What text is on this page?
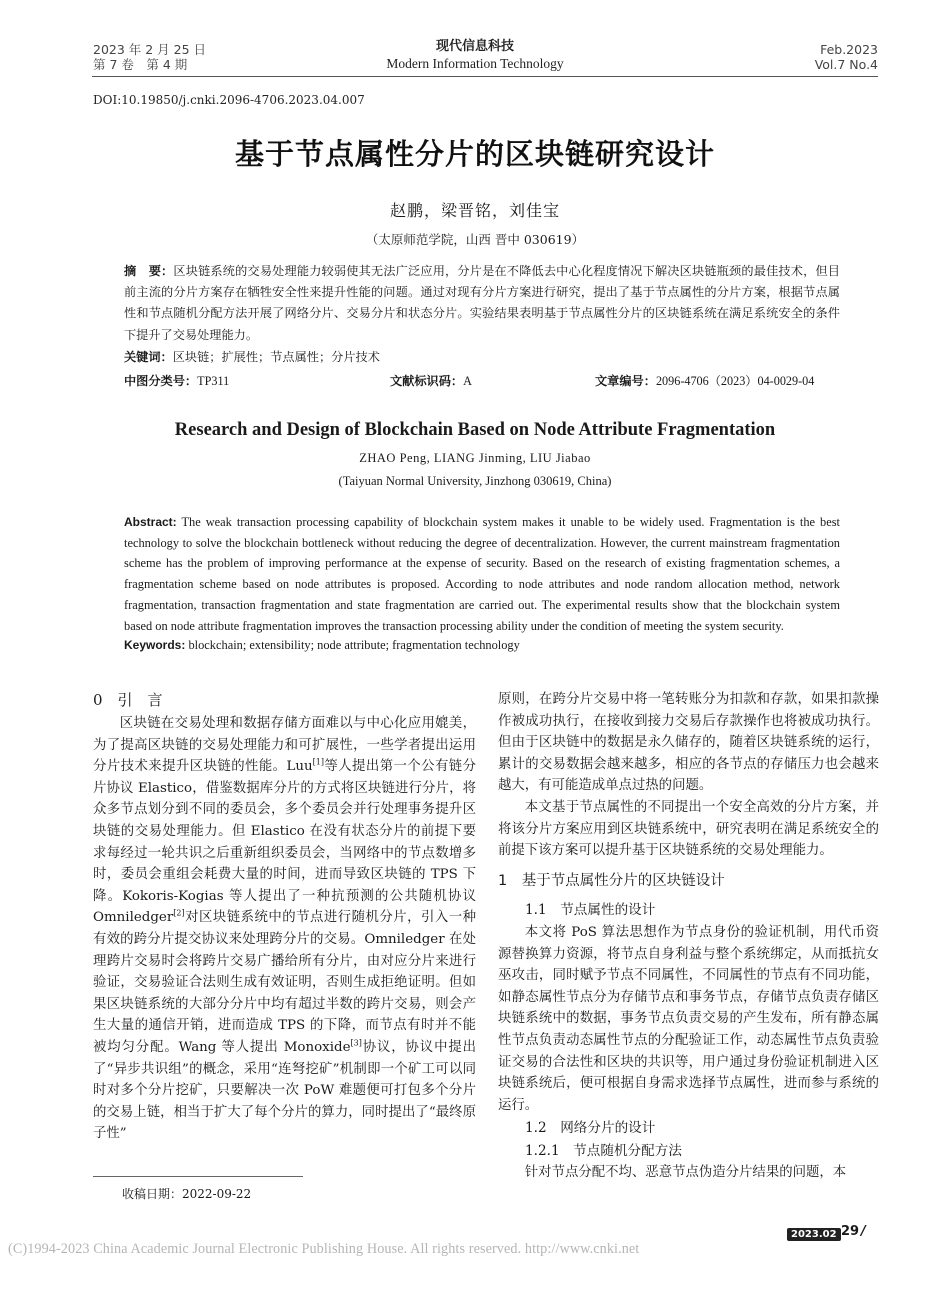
2023 年 2 月 25 日
第 7 卷　第 4 期
现代信息科技
Modern Information Technology
Feb.2023
Vol.7 No.4
DOI:10.19850/j.cnki.2096-4706.2023.04.007
基于节点属性分片的区块链研究设计
赵鹏，梁晋铭，刘佳宝
（太原师范学院，山西 晋中 030619）
摘　要：区块链系统的交易处理能力较弱使其无法广泛应用，分片是在不降低去中心化程度情况下解决区块链瓶颈的最佳技术，但目前主流的分片方案存在牺牲安全性来提升性能的问题。通过对现有分片方案进行研究，提出了基于节点属性的分片方案，根据节点属性和节点随机分配方法开展了网络分片、交易分片和状态分片。实验结果表明基于节点属性分片的区块链系统在满足系统安全的条件下提升了交易处理能力。
关键词：区块链；扩展性；节点属性；分片技术
中图分类号：TP311	文献标识码：A	文章编号：2096-4706（2023）04-0029-04
Research and Design of Blockchain Based on Node Attribute Fragmentation
ZHAO Peng, LIANG Jinming, LIU Jiabao
(Taiyuan Normal University, Jinzhong 030619, China)
Abstract: The weak transaction processing capability of blockchain system makes it unable to be widely used. Fragmentation is the best technology to solve the blockchain bottleneck without reducing the degree of decentralization. However, the current mainstream fragmentation scheme has the problem of improving performance at the expense of security. Based on the research of existing fragmentation schemes, a fragmentation scheme based on node attributes is proposed. According to node attributes and node random allocation method, network fragmentation, transaction fragmentation and state fragmentation are carried out. The experimental results show that the blockchain system based on node attribute fragmentation improves the transaction processing ability under the condition of meeting the system security.
Keywords: blockchain; extensibility; node attribute; fragmentation technology
0　引　言

区块链在交易处理和数据存储方面难以与中心化应用媲美，为了提高区块链的交易处理能力和可扩展性，一些学者提出运用分片技术来提升区块链的性能。Luu[1]等人提出第一个公有链分片协议 Elastico，借鉴数据库分片的方式将区块链进行分片，将众多节点划分到不同的委员会，多个委员会并行处理事务提升区块链的交易处理能力。但 Elastico 在没有状态分片的前提下要求每经过一轮共识之后重新组织委员会，当网络中的节点数增多时，委员会重组会耗费大量的时间，进而导致区块链的 TPS 下降。Kokoris-Kogias 等人提出了一种抗预测的公共随机协议 Omniledger[2]对区块链系统中的节点进行随机分片，引入一种有效的跨分片提交协议来处理跨分片的交易。Omniledger 在处理跨片交易时会将跨片交易广播给所有分片，由对应分片来进行验证，交易验证合法则生成有效证明，否则生成拒绝证明。但如果区块链系统的大部分分片中均有超过半数的跨片交易，则会产生大量的通信开销，进而造成 TPS 的下降，而节点有时并不能被均匀分配。Wang 等人提出 Monoxide[3]协议，协议中提出了“异步共识组”的概念，采用“连弩挖矿”机制即一个矿工可以同时对多个分片挖矿，只要解决一次 PoW 难题便可打包多个分片的交易上链，相当于扩大了每个分片的算力，同时提出了“最终原子性”

原则，在跨分片交易中将一笔转账分为扣款和存款，如果扣款操作被成功执行，在接收到接力交易后存款操作也将被成功执行。但由于区块链中的数据是永久储存的，随着区块链系统的运行，累计的交易数据会越来越多，相应的各节点的存储压力也会越来越大，有可能造成单点过热的问题。

本文基于节点属性的不同提出一个安全高效的分片方案，并将该分片方案应用到区块链系统中，研究表明在满足系统安全的前提下该方案可以提升基于区块链系统的交易处理能力。

1　基于节点属性分片的区块链设计
1.1　节点属性的设计

本文将 PoS 算法思想作为节点身份的验证机制，用代币资源替换算力资源，将节点自身利益与整个系统绑定，从而抵抗女巫攻击，同时赋予节点不同属性，不同属性的节点有不同功能，如静态属性节点分为存储节点和事务节点，存储节点负责存储区块链系统中的数据，事务节点负责交易的产生发布，所有静态属性节点负责动态属性节点的分配验证工作，动态属性节点负责验证交易的合法性和区块的共识等，用户通过身份验证机制进入区块链系统后，便可根据自身需求选择节点属性，进而参与系统的运行。

1.2　网络分片的设计
1.2.1　节点随机分配方法

针对节点分配不均、恶意节点伪造分片结果的问题，本

收稿日期：2022-09-22
(C)1994-2023 China Academic Journal Electronic Publishing House. All rights reserved. http://www.cnki.net
2023.02 29 /
